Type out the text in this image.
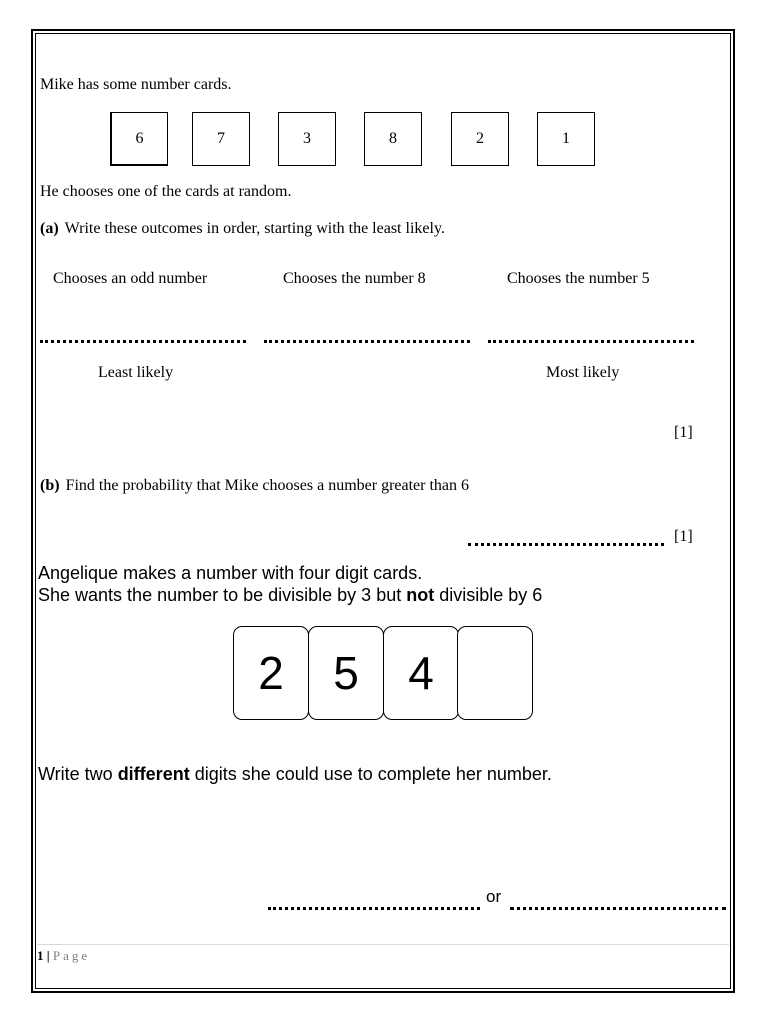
Mike has some number cards.
6	7	3	8	2	1
He chooses one of the cards at random.
(a) Write these outcomes in order, starting with the least likely.
Chooses an odd number	Chooses the number 8	Chooses the number 5
Least likely	Most likely
[1]
(b) Find the probability that Mike chooses a number greater than 6
[1]
Angelique makes a number with four digit cards.
She wants the number to be divisible by 3 but not divisible by 6
2	5	4
Write two different digits she could use to complete her number.
or
1 | Page
